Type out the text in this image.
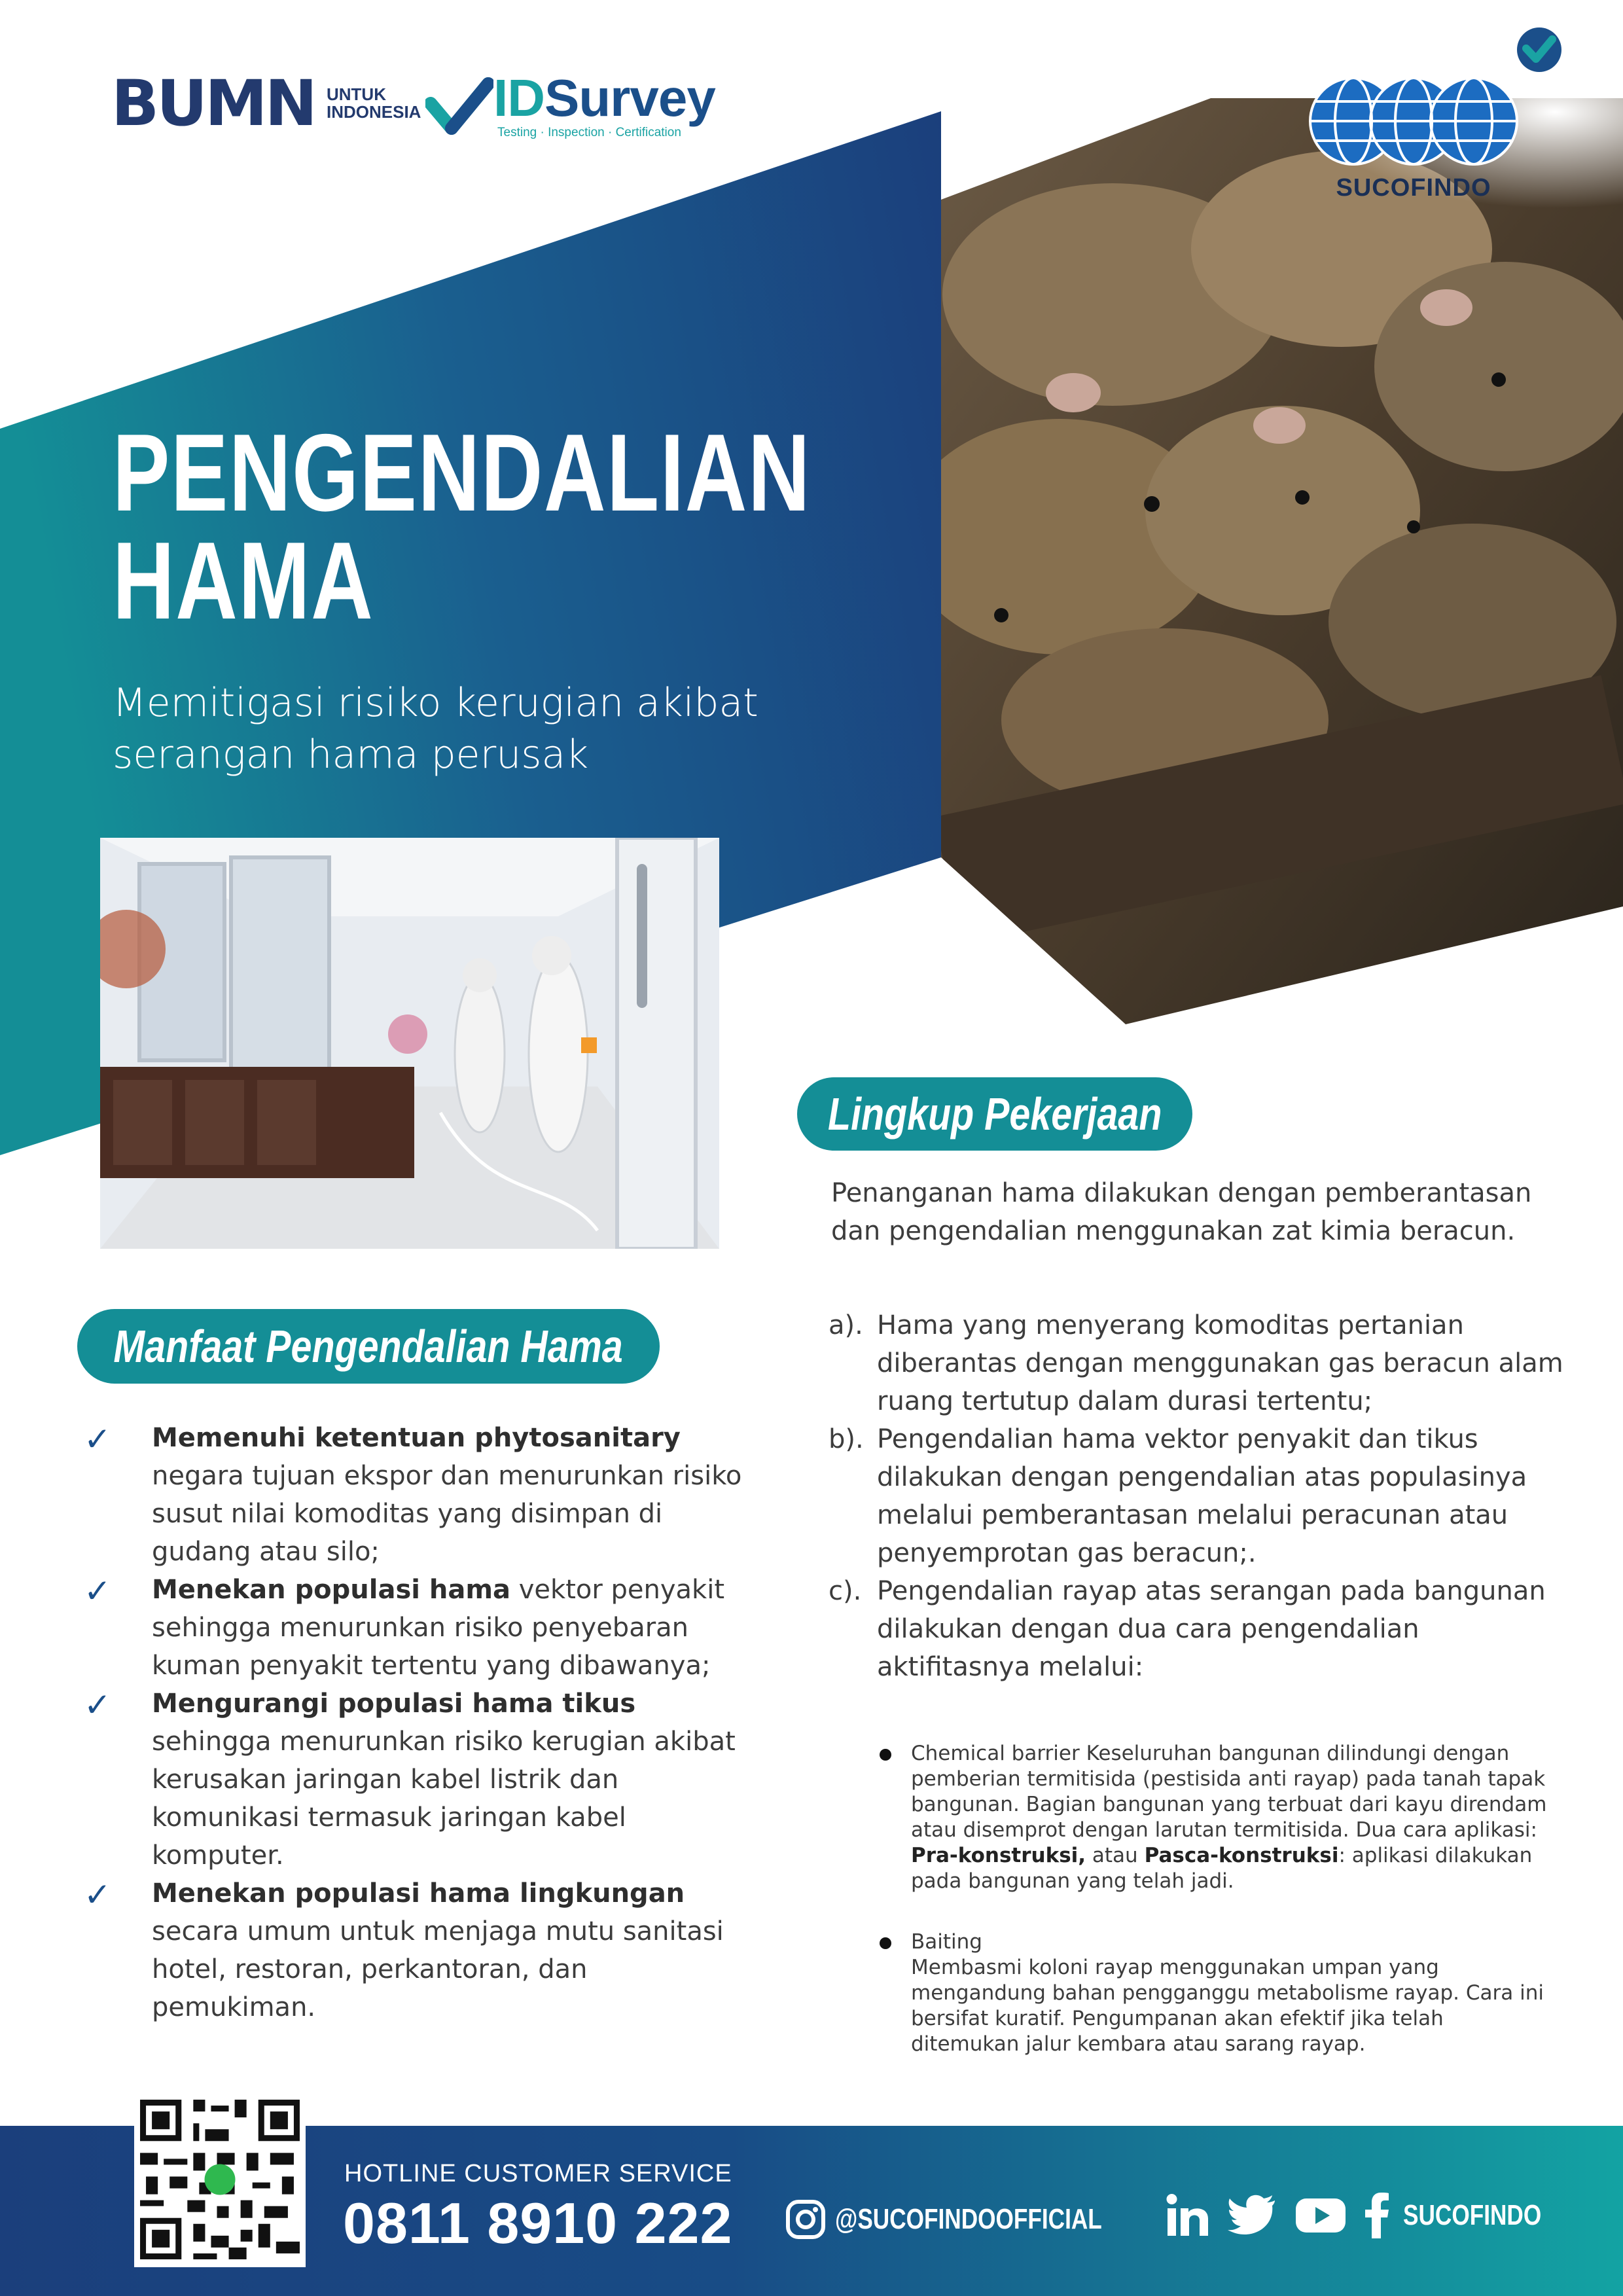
BUMN UNTUK
INDONESIA IDSurvey
Testing · Inspection · Certification
SUCOFINDO
PENGENDALIAN
HAMA
Memitigasi risiko kerugian akibat
serangan hama perusak
Manfaat Pengendalian Hama
Lingkup Pekerjaan
✓ Memenuhi ketentuan phytosanitary negara tujuan ekspor dan menurunkan risiko susut nilai komoditas yang disimpan di gudang atau silo;
✓ Menekan populasi hama vektor penyakit sehingga menurunkan risiko penyebaran kuman penyakit tertentu yang dibawanya;
✓ Mengurangi populasi hama tikus sehingga menurunkan risiko kerugian akibat kerusakan jaringan kabel listrik dan komunikasi termasuk jaringan kabel komputer.
✓ Menekan populasi hama lingkungan secara umum untuk menjaga mutu sanitasi hotel, restoran, perkantoran, dan pemukiman.
Penanganan hama dilakukan dengan pemberantasan dan pengendalian menggunakan zat kimia beracun.
a). Hama yang menyerang komoditas pertanian diberantas dengan menggunakan gas beracun alam ruang tertutup dalam durasi tertentu;
b). Pengendalian hama vektor penyakit dan tikus dilakukan dengan pengendalian atas populasinya melalui pemberantasan melalui peracunan atau penyemprotan gas beracun;.
c). Pengendalian rayap atas serangan pada bangunan dilakukan dengan dua cara pengendalian aktifitasnya melalui:
Chemical barrier Keseluruhan bangunan dilindungi dengan pemberian termitisida (pestisida anti rayap) pada tanah tapak bangunan. Bagian bangunan yang terbuat dari kayu direndam atau disemprot dengan larutan termitisida. Dua cara aplikasi: Pra-konstruksi, atau Pasca-konstruksi: aplikasi dilakukan pada bangunan yang telah jadi.
Baiting
Membasmi koloni rayap menggunakan umpan yang mengandung bahan pengganggu metabolisme rayap. Cara ini bersifat kuratif. Pengumpanan akan efektif jika telah ditemukan jalur kembara atau sarang rayap.
HOTLINE CUSTOMER SERVICE
0811 8910 222	@SUCOFINDOOFFICIAL	SUCOFINDO
